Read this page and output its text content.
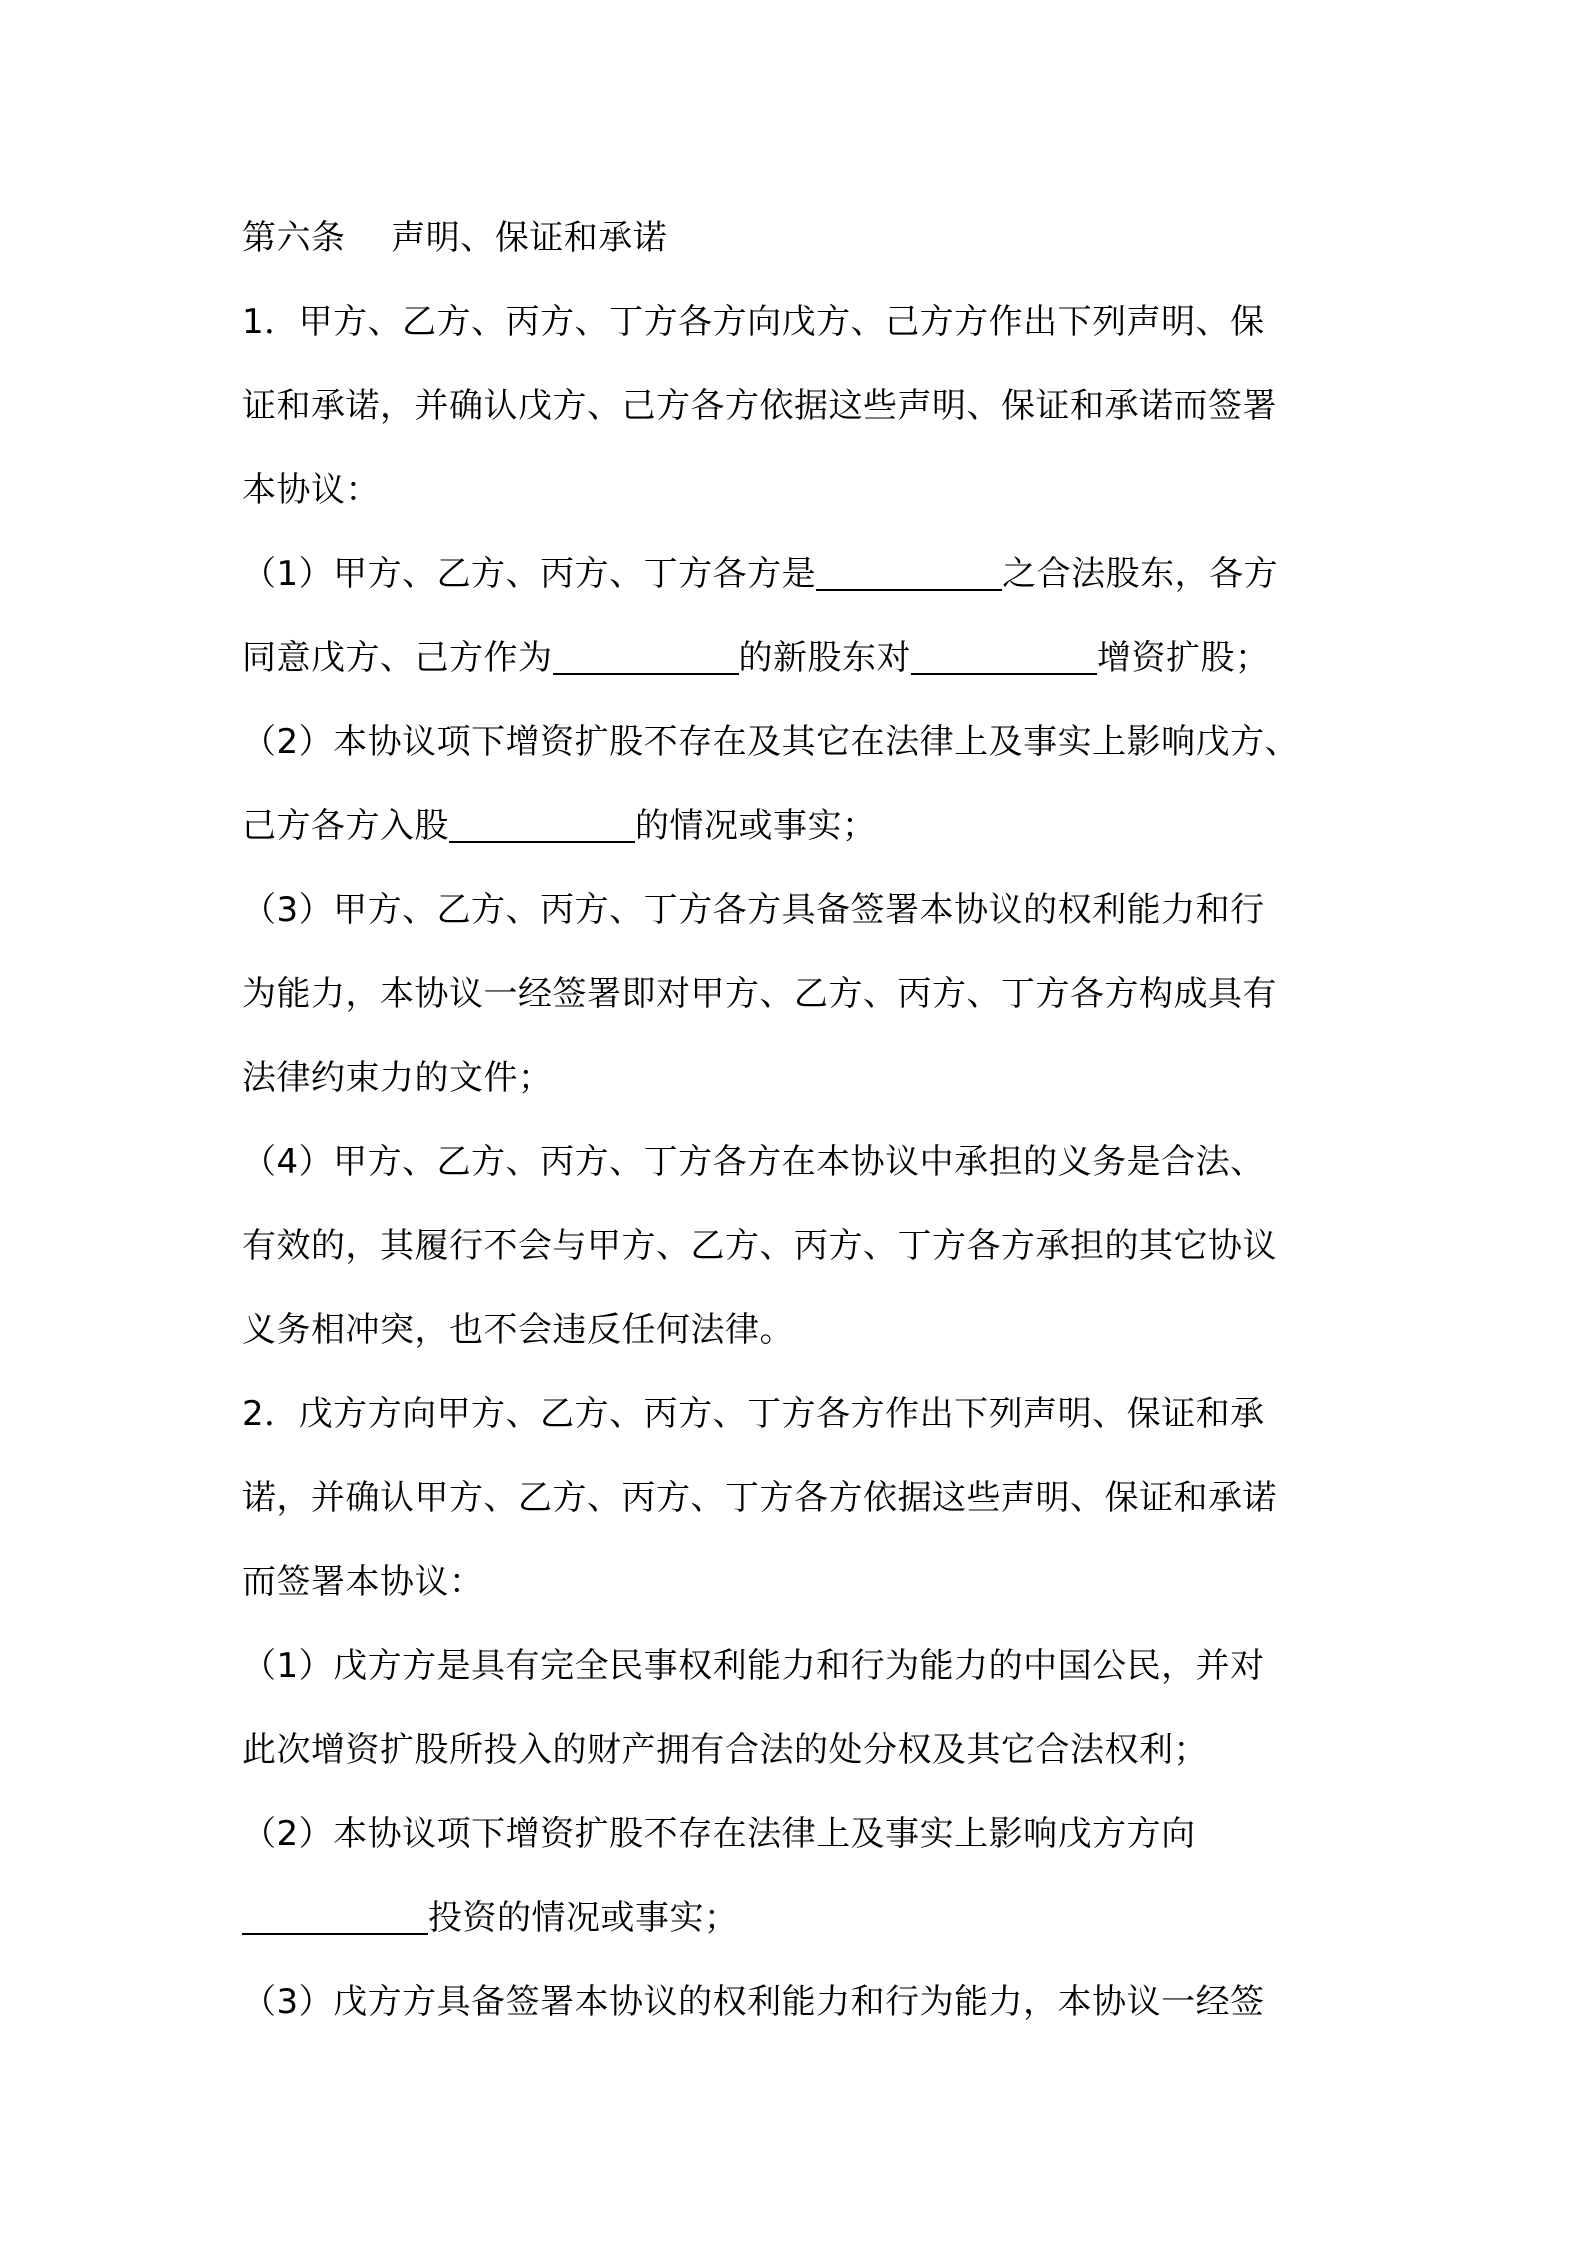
第六条　 声明、保证和承诺
1．甲方、乙方、丙方、丁方各方向戊方、己方方作出下列声明、保
证和承诺，并确认戊方、己方各方依据这些声明、保证和承诺而签署
本协议：
（1）甲方、乙方、丙方、丁方各方是	之合法股东，各方
同意戊方、己方作为	的新股东对	增资扩股；
（2）本协议项下增资扩股不存在及其它在法律上及事实上影响戊方、
己方各方入股	的情况或事实；
（3）甲方、乙方、丙方、丁方各方具备签署本协议的权利能力和行
为能力，本协议一经签署即对甲方、乙方、丙方、丁方各方构成具有
法律约束力的文件；
（4）甲方、乙方、丙方、丁方各方在本协议中承担的义务是合法、
有效的，其履行不会与甲方、乙方、丙方、丁方各方承担的其它协议
义务相冲突，也不会违反任何法律。
2．戊方方向甲方、乙方、丙方、丁方各方作出下列声明、保证和承
诺，并确认甲方、乙方、丙方、丁方各方依据这些声明、保证和承诺
而签署本协议：
（1）戊方方是具有完全民事权利能力和行为能力的中国公民，并对
此次增资扩股所投入的财产拥有合法的处分权及其它合法权利；
（2）本协议项下增资扩股不存在法律上及事实上影响戊方方向
投资的情况或事实；
（3）戊方方具备签署本协议的权利能力和行为能力，本协议一经签
